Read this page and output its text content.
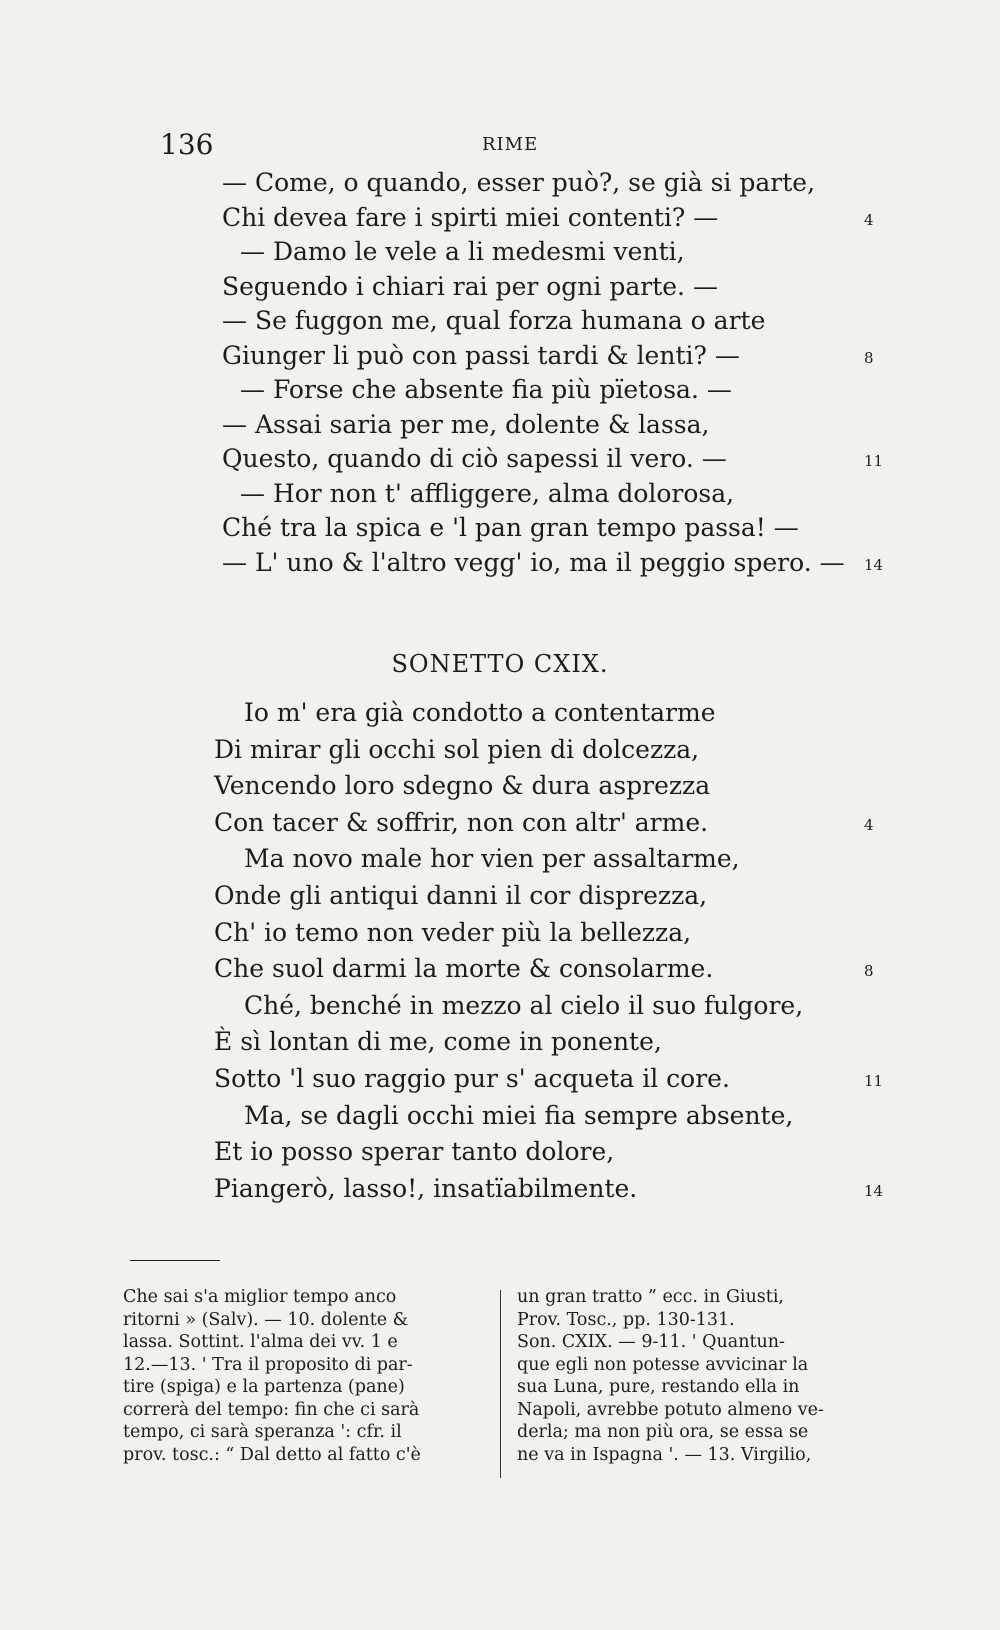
136	RIME
— Come, o quando, esser può?, se già si parte,
Chi devea fare i spirti miei contenti? —	4
— Damo le vele a li medesmi venti,
Seguendo i chiari rai per ogni parte. —
— Se fuggon me, qual forza humana o arte
Giunger li può con passi tardi & lenti? —	8
— Forse che absente fia più pïetosa. —
— Assai saria per me, dolente & lassa,
Questo, quando di ciò sapessi il vero. —	11
— Hor non t' affliggere, alma dolorosa,
Ché tra la spica e 'l pan gran tempo passa! —
— L' uno & l'altro vegg' io, ma il peggio spero. — 14
SONETTO CXIX.
Io m' era già condotto a contentarme
Di mirar gli occhi sol pien di dolcezza,
Vencendo loro sdegno & dura asprezza
Con tacer & soffrir, non con altr' arme.	4
Ma novo male hor vien per assaltarme,
Onde gli antiqui danni il cor disprezza,
Ch' io temo non veder più la bellezza,
Che suol darmi la morte & consolarme.	8
Ché, benché in mezzo al cielo il suo fulgore,
È sì lontan di me, come in ponente,
Sotto 'l suo raggio pur s' acqueta il core.	11
Ma, se dagli occhi miei fia sempre absente,
Et io posso sperar tanto dolore,
Piangerò, lasso!, insatïabilmente.	14
Che sai s'a miglior tempo anco
ritorni » (Salv). — 10. dolente &
lassa. Sottint. l'alma dei vv. 1 e
12.—13. ' Tra il proposito di par-
tire (spiga) e la partenza (pane)
correrà del tempo: fin che ci sarà
tempo, ci sarà speranza ': cfr. il
prov. tosc.: “ Dal detto al fatto c'è
un gran tratto ” ecc. in Giusti,
Prov. Tosc., pp. 130-131.
Son. CXIX. — 9-11. ' Quantun-
que egli non potesse avvicinar la
sua Luna, pure, restando ella in
Napoli, avrebbe potuto almeno ve-
derla; ma non più ora, se essa se
ne va in Ispagna '. — 13. Virgilio,
